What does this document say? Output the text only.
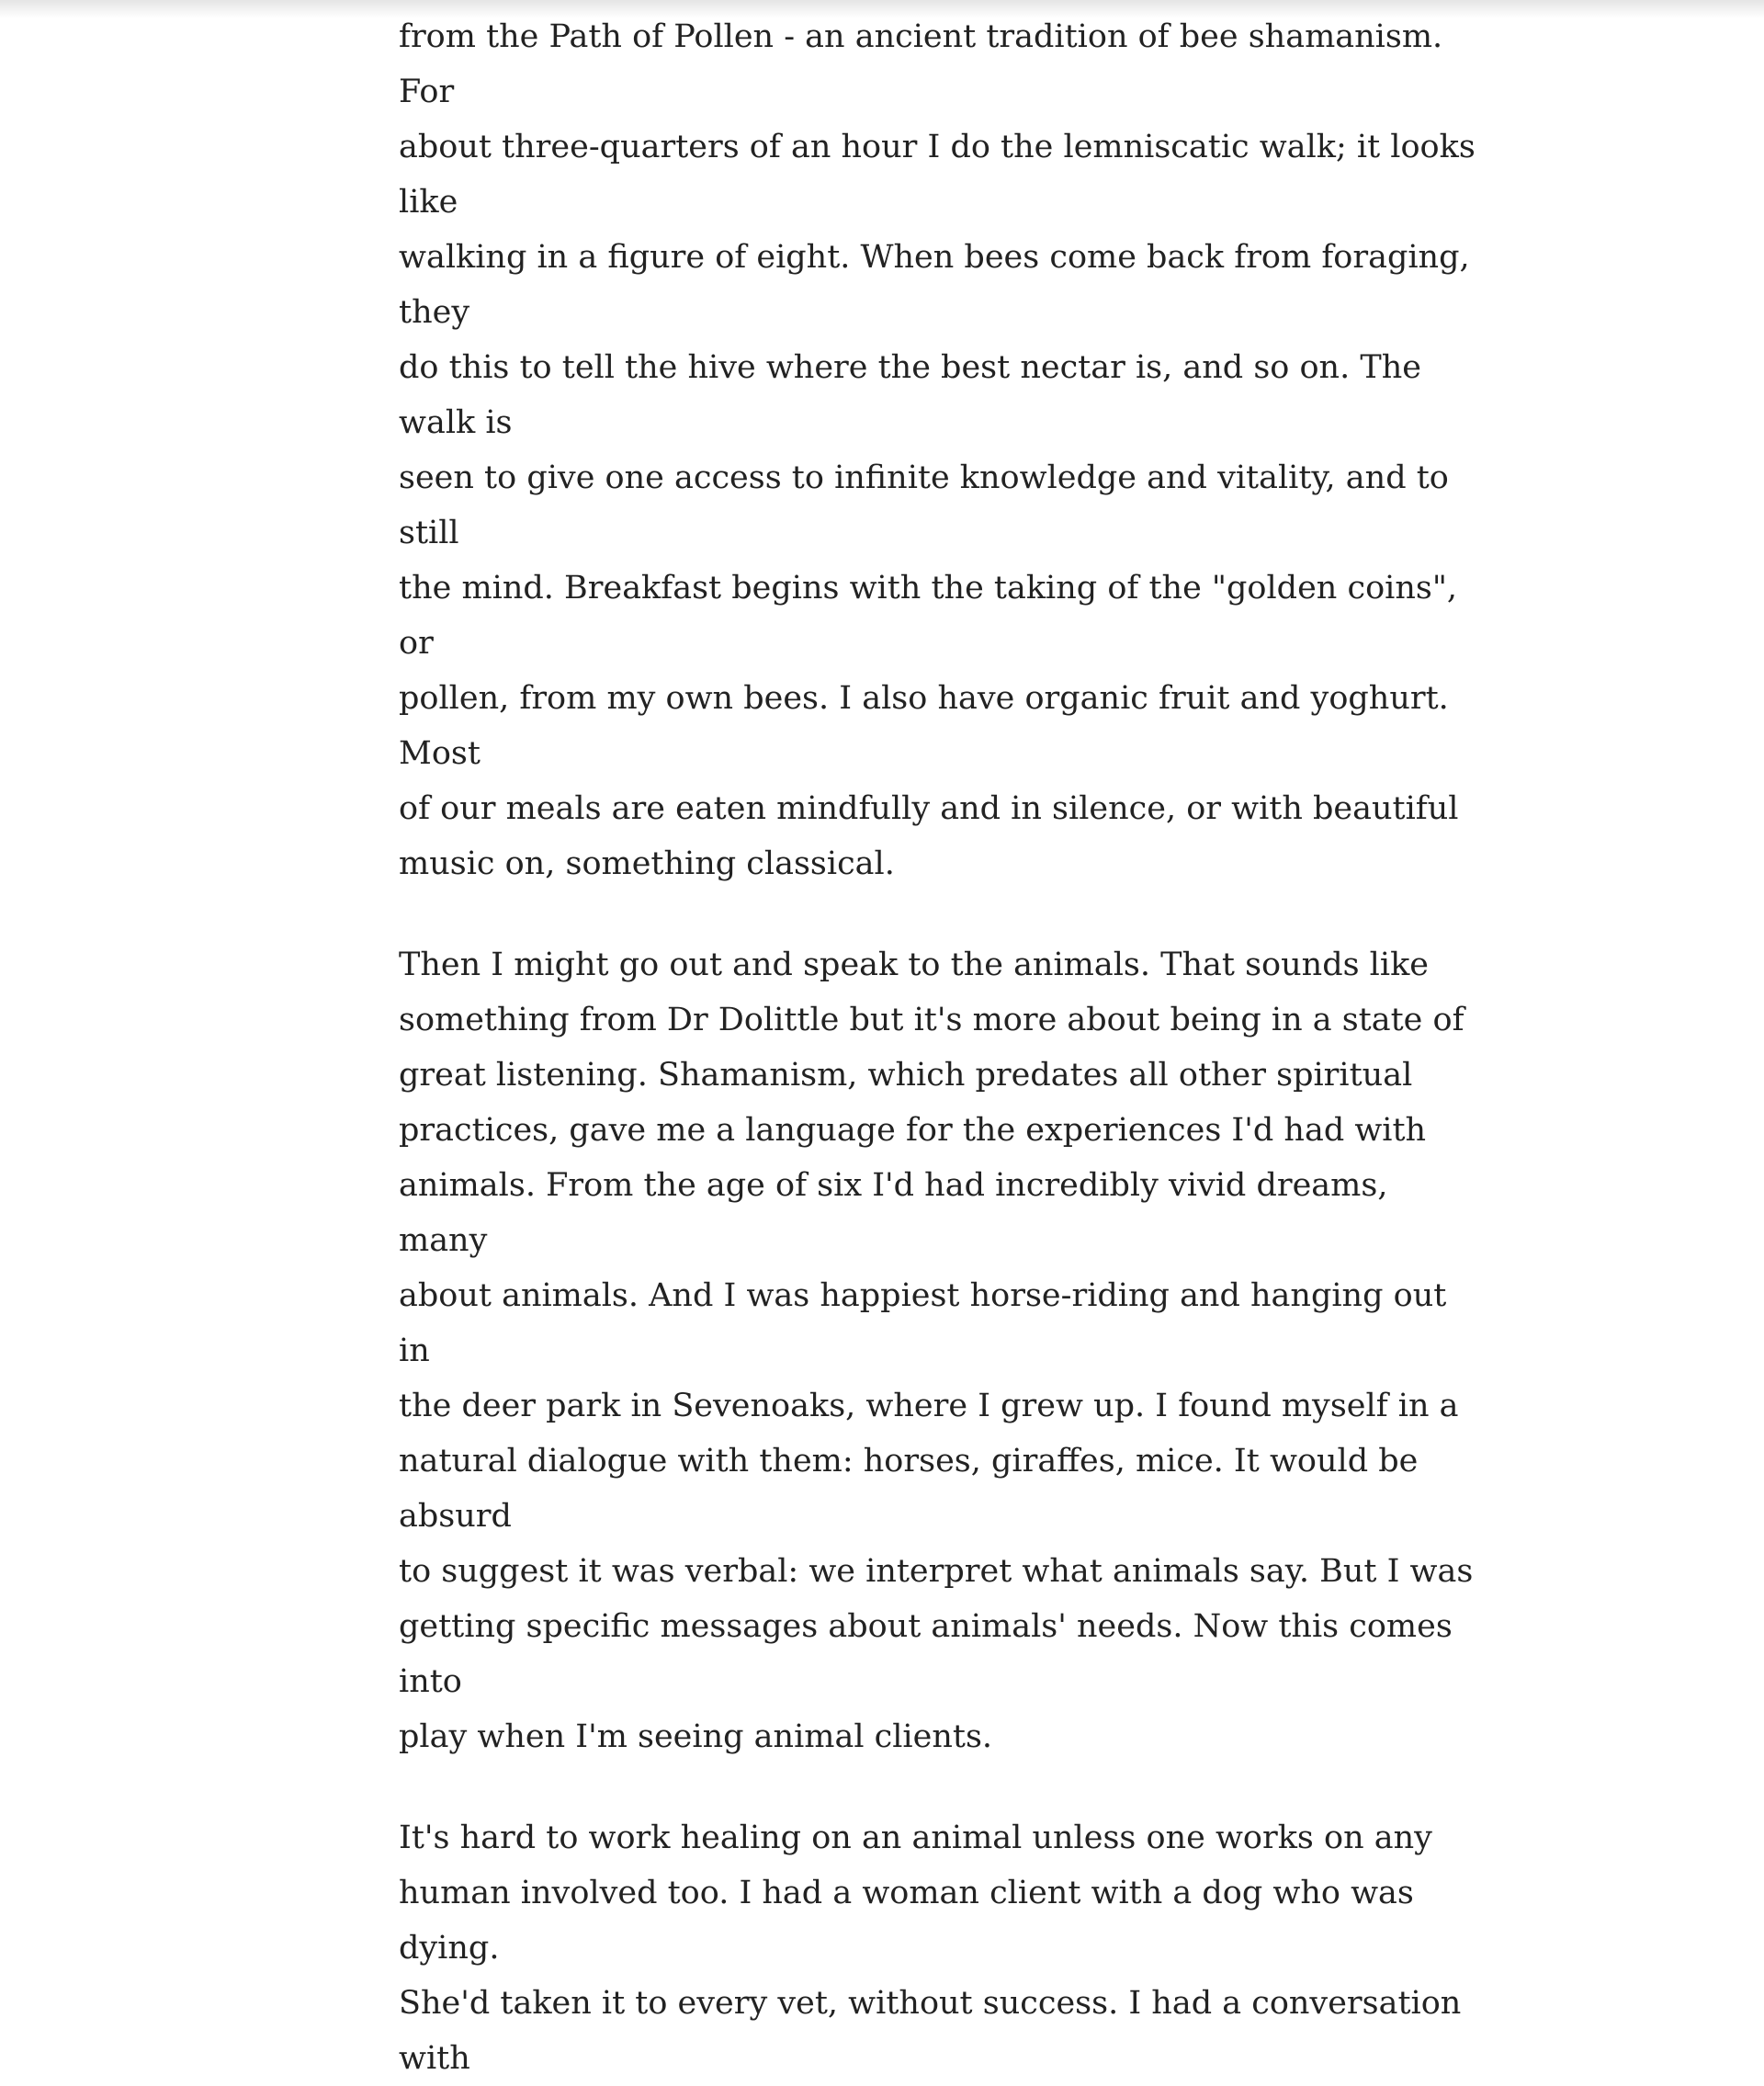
from the Path of Pollen - an ancient tradition of bee shamanism. For
about three-quarters of an hour I do the lemniscatic walk; it looks like
walking in a figure of eight. When bees come back from foraging, they
do this to tell the hive where the best nectar is, and so on. The walk is
seen to give one access to infinite knowledge and vitality, and to still
the mind. Breakfast begins with the taking of the "golden coins", or
pollen, from my own bees. I also have organic fruit and yoghurt. Most
of our meals are eaten mindfully and in silence, or with beautiful
music on, something classical.

Then I might go out and speak to the animals. That sounds like
something from Dr Dolittle but it's more about being in a state of
great listening. Shamanism, which predates all other spiritual
practices, gave me a language for the experiences I'd had with
animals. From the age of six I'd had incredibly vivid dreams, many
about animals. And I was happiest horse-riding and hanging out in
the deer park in Sevenoaks, where I grew up. I found myself in a
natural dialogue with them: horses, giraffes, mice. It would be absurd
to suggest it was verbal: we interpret what animals say. But I was
getting specific messages about animals' needs. Now this comes into
play when I'm seeing animal clients.

It's hard to work healing on an animal unless one works on any
human involved too. I had a woman client with a dog who was dying.
She'd taken it to every vet, without success. I had a conversation with
